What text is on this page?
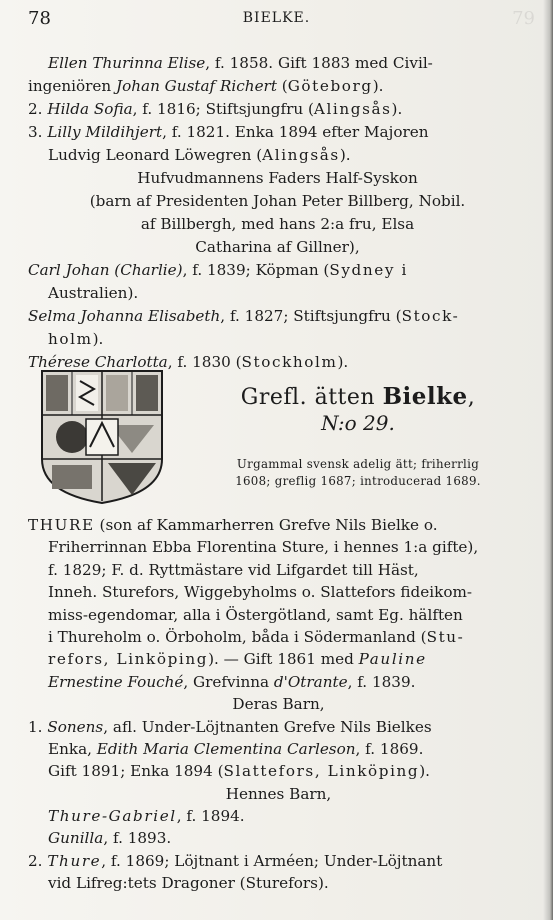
79
78	BIELKE.
Ellen Thurinna Elise, f. 1858. Gift 1883 med Civil-
ingeniören Johan Gustaf Richert (Göteborg).
2. Hilda Sofia, f. 1816; Stiftsjungfru (Alingsås).
3. Lilly Mildihjert, f. 1821. Enka 1894 efter Majoren
Ludvig Leonard Löwegren (Alingsås).
Hufvudmannens Faders Half-Syskon
(barn af Presidenten Johan Peter Billberg, Nobil.
af Billbergh, med hans 2:a fru, Elsa
Catharina af Gillner),
Carl Johan (Charlie), f. 1839; Köpman (Sydney i
Australien).
Selma Johanna Elisabeth, f. 1827; Stiftsjungfru (Stock-
holm).
Thérese Charlotta, f. 1830 (Stockholm).
Grefl. ätten Bielke,
N:o 29.
Urgammal svensk adelig ätt; friherrlig
1608; greflig 1687; introducerad 1689.
THURE (son af Kammarherren Grefve Nils Bielke o.
Friherrinnan Ebba Florentina Sture, i hennes 1:a gifte),
f. 1829; F. d. Ryttmästare vid Lifgardet till Häst,
Inneh. Sturefors, Wiggebyholms o. Slattefors fideikom-
miss-egendomar, alla i Östergötland, samt Eg. hälften
i Thureholm o. Örboholm, båda i Södermanland (Stu-
refors, Linköping). — Gift 1861 med Pauline
Ernestine Fouché, Grefvinna d'Otrante, f. 1839.
Deras Barn,
1. Sonens, afl. Under-Löjtnanten Grefve Nils Bielkes
Enka, Edith Maria Clementina Carleson, f. 1869.
Gift 1891; Enka 1894 (Slattefors, Linköping).
Hennes Barn,
Thure-Gabriel, f. 1894.
Gunilla, f. 1893.
2. Thure, f. 1869; Löjtnant i Arméen; Under-Löjtnant
vid Lifreg:tets Dragoner (Sturefors).
